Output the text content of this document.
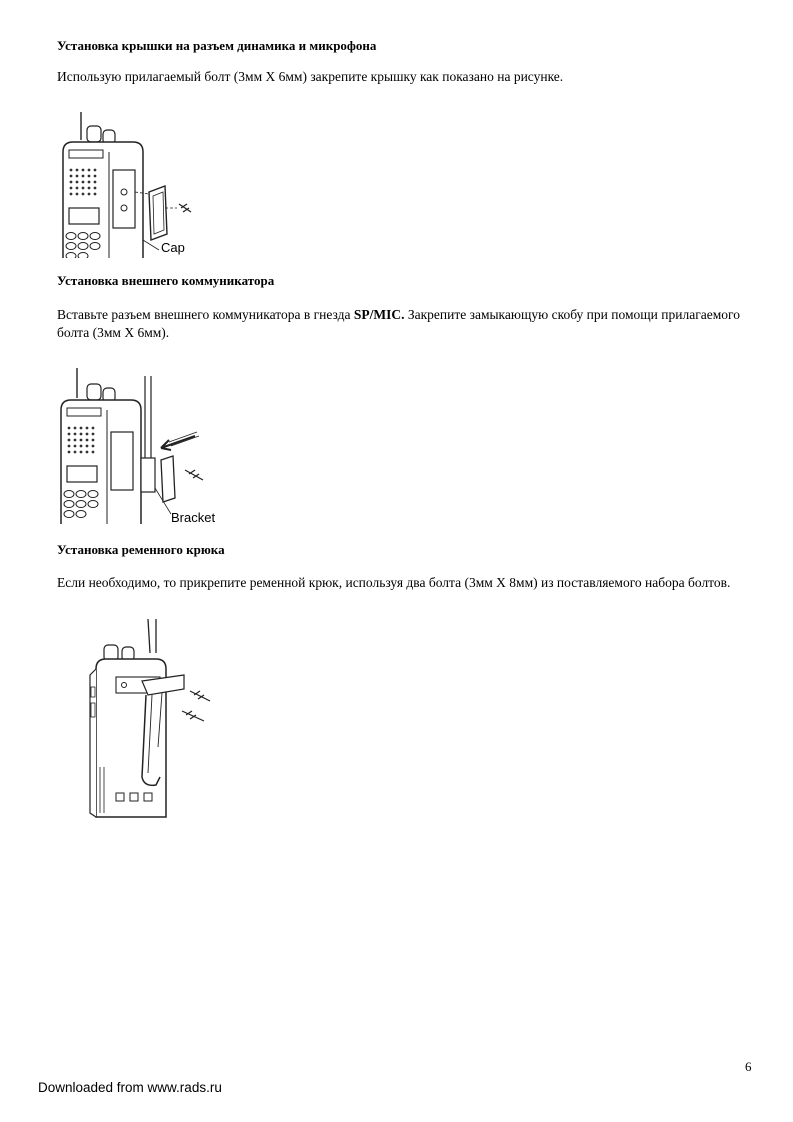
Установка крышки на разъем динамика и микрофона
Использую прилагаемый болт (3мм X 6мм) закрепите крышку как показано на рисунке.
Cap
Установка внешнего коммуникатора
Вставьте разъем внешнего коммуникатора в гнезда SP/MIC. Закрепите замыкающую скобу при помощи прилагаемого болта (3мм X 6мм).
Bracket
Установка ременного крюка
Если необходимо, то прикрепите ременной крюк, используя два болта (3мм X 8мм) из поставляемого набора болтов.
6
Downloaded from www.rads.ru
